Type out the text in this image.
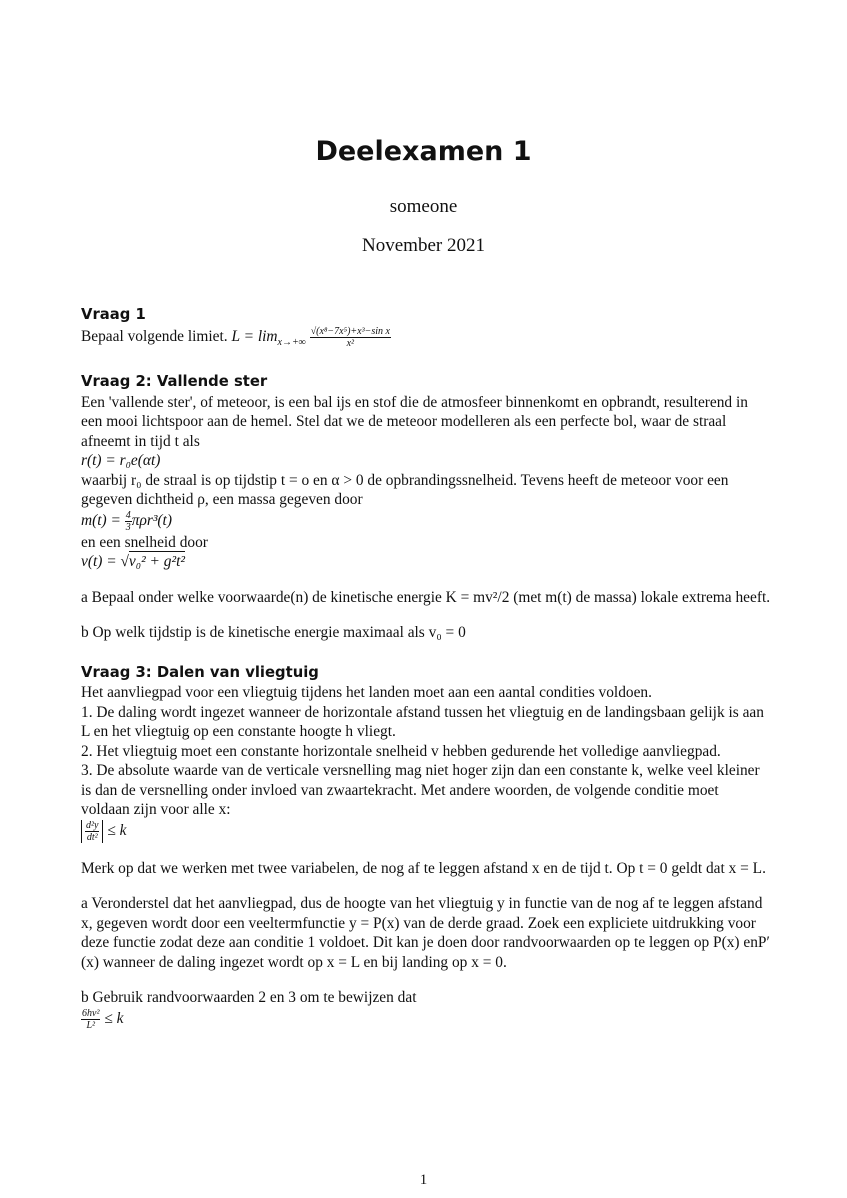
Deelexamen 1
someone
November 2021

Vraag 1

Bepaal volgende limiet. $L = \lim_{x\to+\infty} \frac{\text{√(x⁸−7x⁵)+x³−sin x}}{\text{x²}}$

Vraag 2: Vallende ster

Een 'vallende ster', of meteoor, is een bal ijs en stof die de atmosfeer binnenkomt en opbrandt, resulterend in een mooi lichtspoor aan de hemel. Stel dat we de meteoor modelleren als een perfecte bol, waar de straal afneemt in tijd t als

r(t) = r₀e(αt)

waarbij r₀ de straal is op tijdstip t = o en α > 0 de opbrandingssnelheid. Tevens heeft de meteoor voor een gegeven dichtheid ρ, een massa gegeven door

$m(t) = \frac{4}{3} \pi\rho r^3(t)$

en een snelheid door

v(t) = √v₀² + g²t²

a Bepaal onder welke voorwaarde(n) de kinetische energie K = mv²/2 (met m(t) de massa) lokale extrema heeft.

b Op welk tijdstip is de kinetische energie maximaal als v₀ = 0

Vraag 3: Dalen van vliegtuig

Het aanvliegpad voor een vliegtuig tijdens het landen moet aan een aantal condities voldoen.

1. De daling wordt ingezet wanneer de horizontale afstand tussen het vliegtuig en de landingsbaan gelijk is aan L en het vliegtuig op een constante hoogte h vliegt.

2. Het vliegtuig moet een constante horizontale snelheid v hebben gedurende het volledige aanvliegpad.

3. De absolute waarde van de verticale versnelling mag niet hoger zijn dan een constante k, welke veel kleiner is dan de versnelling onder invloed van zwaartekracht. Met andere woorden, de volgende conditie moet voldaan zijn voor alle x:

$\frac{\text{d²y}}{\text{dt²}} \le k$

Merk op dat we werken met twee variabelen, de nog af te leggen afstand x en de tijd t. Op t = 0 geldt dat x = L.

a Veronderstel dat het aanvliegpad, dus de hoogte van het vliegtuig y in functie van de nog af te leggen afstand x, gegeven wordt door een veeltermfunctie y = P(x) van de derde graad. Zoek een expliciete uitdrukking voor deze functie zodat deze aan conditie 1 voldoet. Dit kan je doen door randvoorwaarden op te leggen op P(x) enP′(x) wanneer de daling ingezet wordt op x = L en bij landing op x = 0.

b Gebruik randvoorwaarden 2 en 3 om te bewijzen dat

$\frac{\text{6hv²}}{\text{L²}} \le k$

1
